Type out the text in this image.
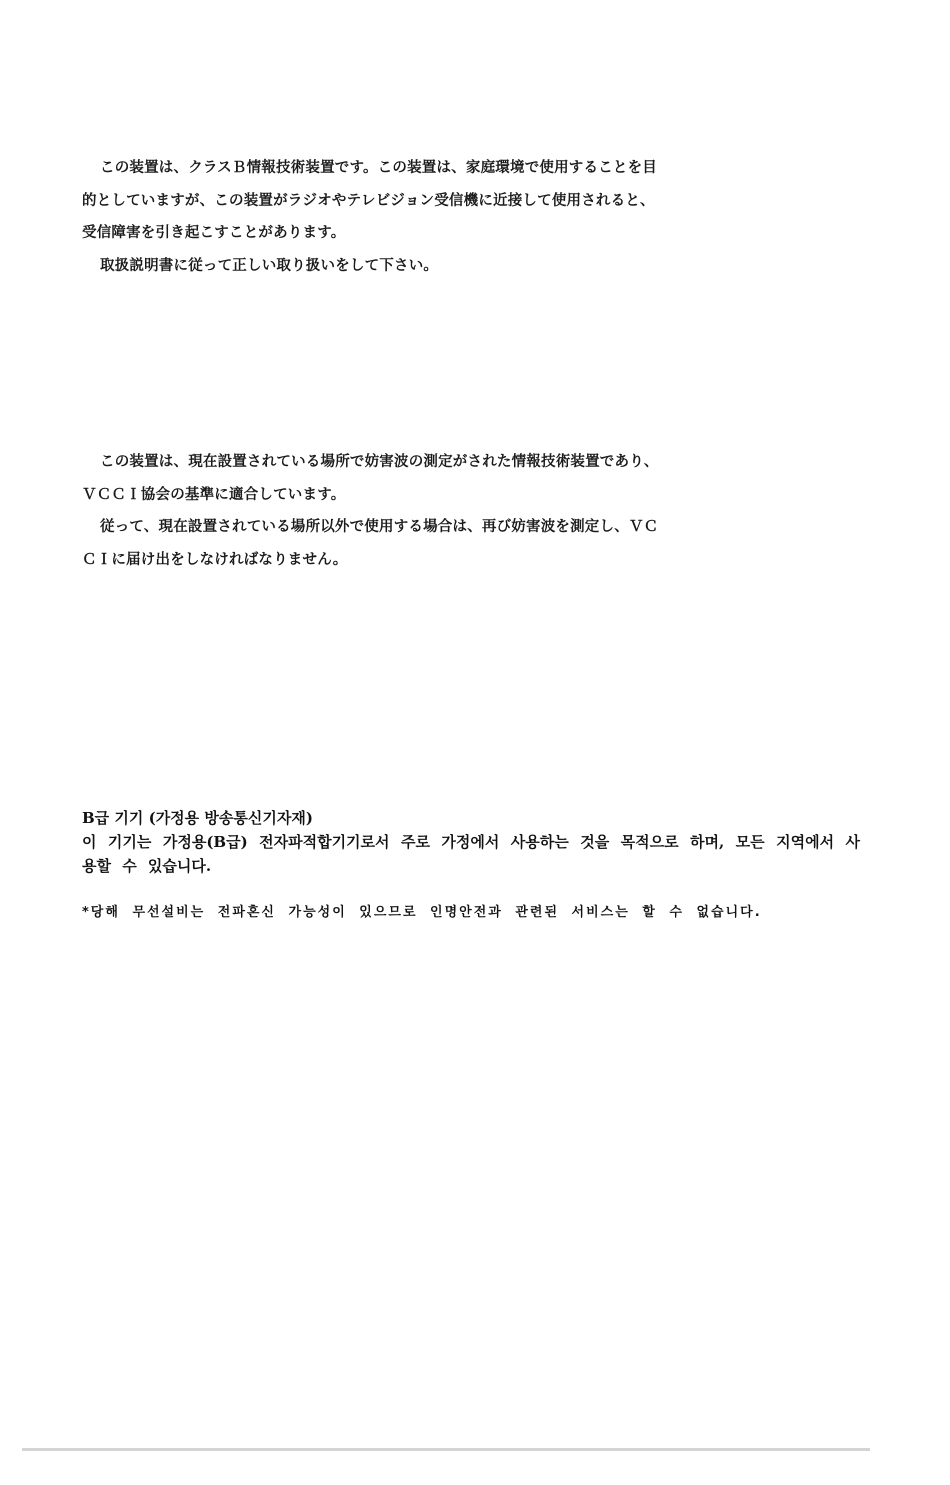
この装置は、クラスＢ情報技術装置です。この装置は、家庭環境で使用することを目
的としていますが、この装置がラジオやテレビジョン受信機に近接して使用されると、
受信障害を引き起こすことがあります。
取扱説明書に従って正しい取り扱いをして下さい。
この装置は、現在設置されている場所で妨害波の測定がされた情報技術装置であり、
ＶＣＣＩ協会の基準に適合しています。
従って、現在設置されている場所以外で使用する場合は、再び妨害波を測定し、ＶＣ
ＣＩに届け出をしなければなりません。
B급 기기 (가정용 방송통신기자재)
이 기기는 가정용(B급) 전자파적합기기로서 주로 가정에서 사용하는 것을 목적으로 하며, 모든 지역에서 사용할 수 있습니다.
*당해 무선설비는 전파혼신 가능성이 있으므로 인명안전과 관련된 서비스는 할 수 없습니다.
